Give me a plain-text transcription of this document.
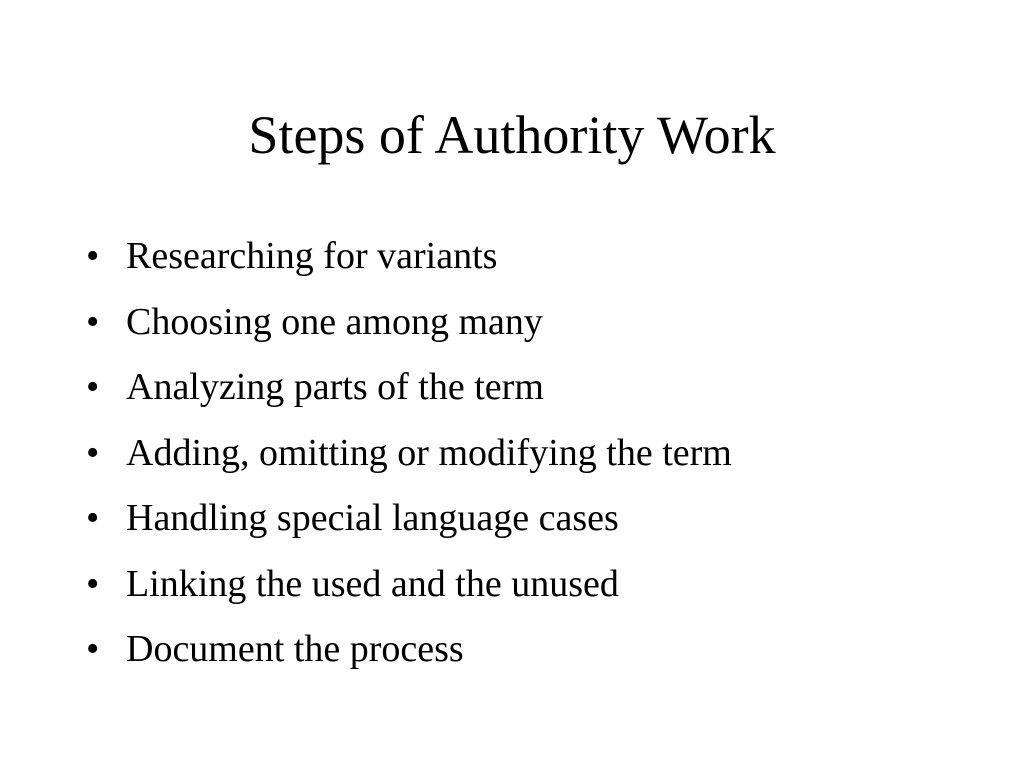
Steps of Authority Work
• Researching for variants
• Choosing one among many
• Analyzing parts of the term
• Adding, omitting or modifying the term
• Handling special language cases
• Linking the used and the unused
• Document the process
